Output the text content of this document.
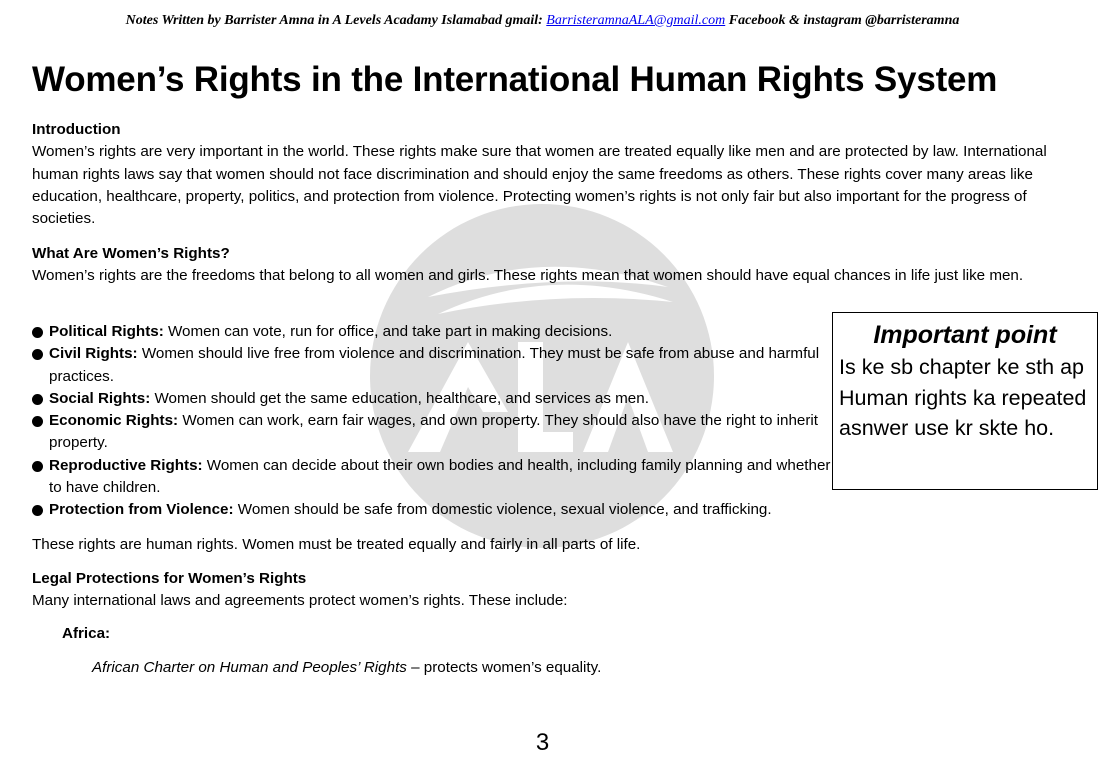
Notes Written by Barrister Amna in A Levels Acadamy Islamabad gmail: BarristeramnaALA@gmail.com Facebook & instagram @barristeramna
Women’s Rights in the International Human Rights System
Introduction
Women’s rights are very important in the world. These rights make sure that women are treated equally like men and are protected by law. International human rights laws say that women should not face discrimination and should enjoy the same freedoms as others. These rights cover many areas like education, healthcare, property, politics, and protection from violence. Protecting women’s rights is not only fair but also important for the progress of societies.
What Are Women’s Rights?
Women’s rights are the freedoms that belong to all women and girls. These rights mean that women should have equal chances in life just like men.
Political Rights: Women can vote, run for office, and take part in making decisions.
Civil Rights: Women should live free from violence and discrimination. They must be safe from abuse and harmful practices.
Social Rights: Women should get the same education, healthcare, and services as men.
Economic Rights: Women can work, earn fair wages, and own property. They should also have the right to inherit property.
Reproductive Rights: Women can decide about their own bodies and health, including family planning and whether to have children.
Protection from Violence: Women should be safe from domestic violence, sexual violence, and trafficking.
These rights are human rights. Women must be treated equally and fairly in all parts of life.
Legal Protections for Women’s Rights
Many international laws and agreements protect women’s rights. These include:
Africa:
African Charter on Human and Peoples’ Rights – protects women’s equality.
Important point
Is ke sb chapter ke sth ap Human rights ka repeated asnwer use kr skte ho.
3
